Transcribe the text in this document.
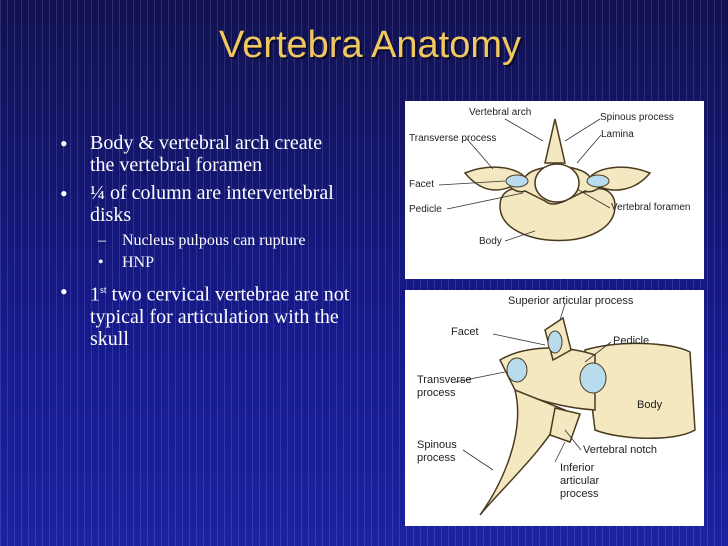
Vertebra Anatomy
• Body & vertebral arch create the vertebral foramen
• ¼ of column are intervertebral disks
– Nucleus pulpous can rupture
• HNP
• 1st two cervical vertebrae are not typical for articulation with the skull
Vertebral arch	Spinous process
Transverse process	Lamina
Facet
Pedicle	Vertebral foramen
Body
Superior articular process
Facet
Pedicle
Transverse
process
Body
Spinous
process
Vertebral notch
Inferior
articular
process
